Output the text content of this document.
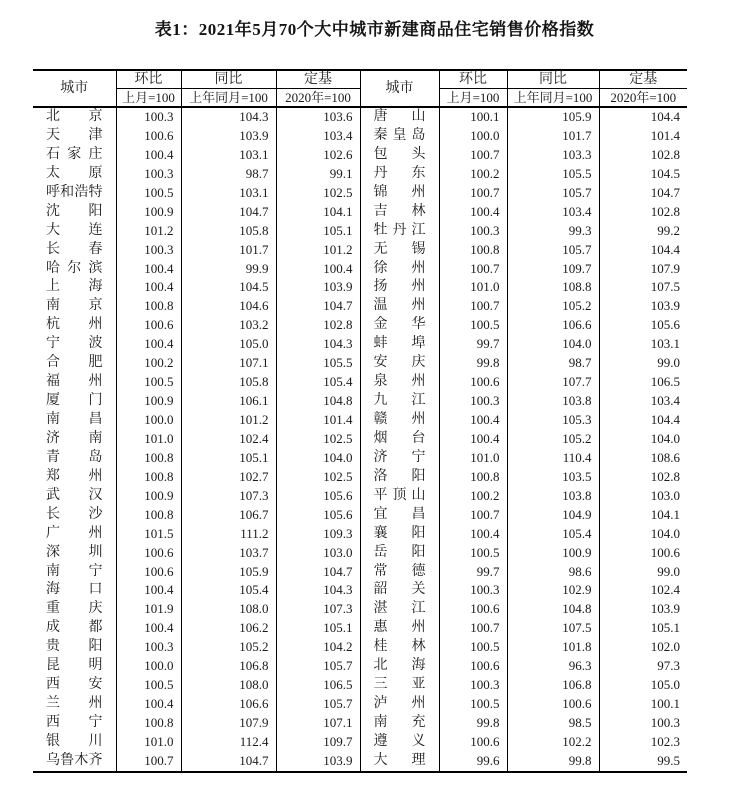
表1：2021年5月70个大中城市新建商品住宅销售价格指数
城市	环比	同比	定基	城市	环比	同比	定基
	上月=100	上年同月=100	2020年=100		上月=100	上年同月=100	2020年=100

北京	100.3	104.3	103.6	唐山	100.1	105.9	104.4

天津	100.6	103.9	103.4	秦皇岛	100.0	101.7	101.4

石家庄	100.4	103.1	102.6	包头	100.7	103.3	102.8

太原	100.3	98.7	99.1	丹东	100.2	105.5	104.5

呼和浩特	100.5	103.1	102.5	锦州	100.7	105.7	104.7

沈阳	100.9	104.7	104.1	吉林	100.4	103.4	102.8

大连	101.2	105.8	105.1	牡丹江	100.3	99.3	99.2

长春	100.3	101.7	101.2	无锡	100.8	105.7	104.4

哈尔滨	100.4	99.9	100.4	徐州	100.7	109.7	107.9

上海	100.4	104.5	103.9	扬州	101.0	108.8	107.5

南京	100.8	104.6	104.7	温州	100.7	105.2	103.9

杭州	100.6	103.2	102.8	金华	100.5	106.6	105.6

宁波	100.4	105.0	104.3	蚌埠	99.7	104.0	103.1

合肥	100.2	107.1	105.5	安庆	99.8	98.7	99.0

福州	100.5	105.8	105.4	泉州	100.6	107.7	106.5

厦门	100.9	106.1	104.8	九江	100.3	103.8	103.4

南昌	100.0	101.2	101.4	赣州	100.4	105.3	104.4

济南	101.0	102.4	102.5	烟台	100.4	105.2	104.0

青岛	100.8	105.1	104.0	济宁	101.0	110.4	108.6

郑州	100.8	102.7	102.5	洛阳	100.8	103.5	102.8

武汉	100.9	107.3	105.6	平顶山	100.2	103.8	103.0

长沙	100.8	106.7	105.6	宜昌	100.7	104.9	104.1

广州	101.5	111.2	109.3	襄阳	100.4	105.4	104.0

深圳	100.6	103.7	103.0	岳阳	100.5	100.9	100.6

南宁	100.6	105.9	104.7	常德	99.7	98.6	99.0

海口	100.4	105.4	104.3	韶关	100.3	102.9	102.4

重庆	101.9	108.0	107.3	湛江	100.6	104.8	103.9

成都	100.4	106.2	105.1	惠州	100.7	107.5	105.1

贵阳	100.3	105.2	104.2	桂林	100.5	101.8	102.0

昆明	100.0	106.8	105.7	北海	100.6	96.3	97.3

西安	100.5	108.0	106.5	三亚	100.3	106.8	105.0

兰州	100.4	106.6	105.7	泸州	100.5	100.6	100.1

西宁	100.8	107.9	107.1	南充	99.8	98.5	100.3

银川	101.0	112.4	109.7	遵义	100.6	102.2	102.3

乌鲁木齐	100.7	104.7	103.9	大理	99.6	99.8	99.5
